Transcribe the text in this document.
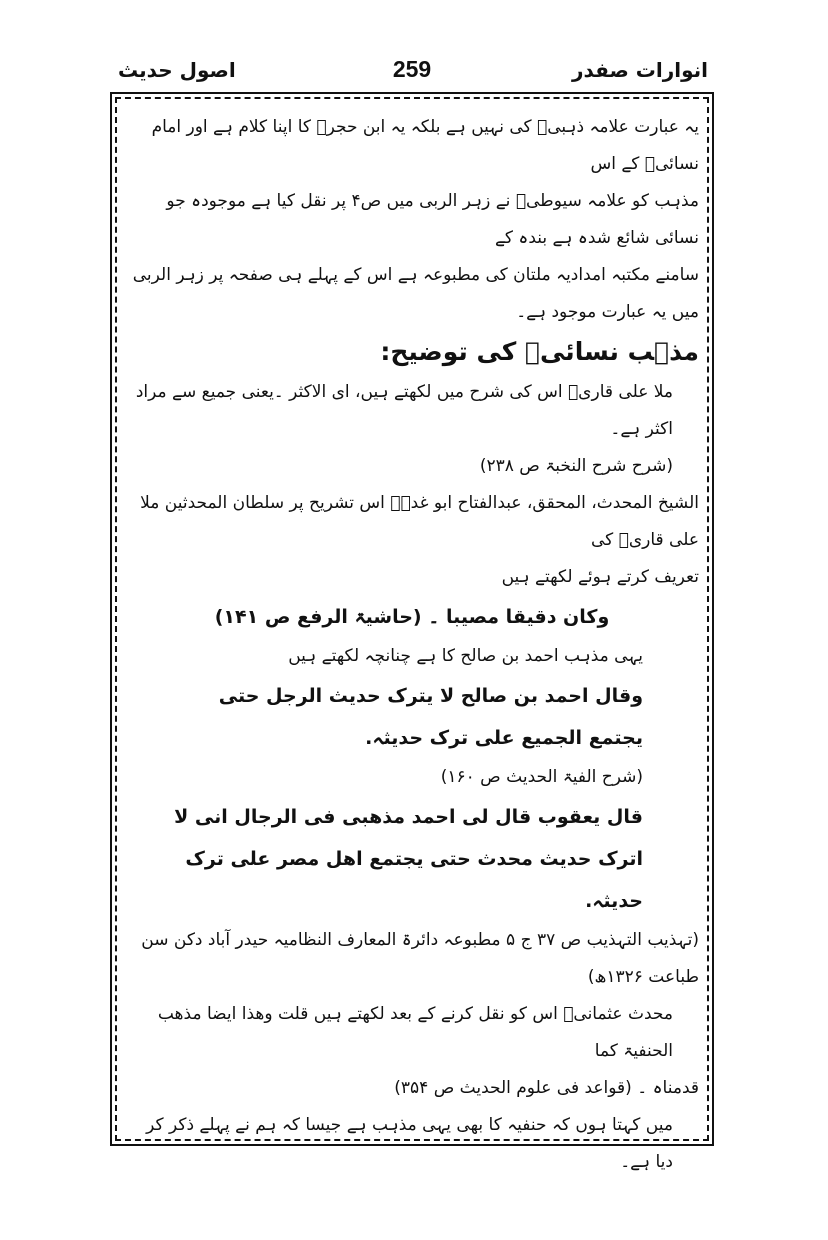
اصول حدیث	259	انوارات صفدر

یہ عبارت علامہ ذہبیؒ کی نہیں ہے بلکہ یہ ابن حجرؒ کا اپنا کلام ہے اور امام نسائیؒ کے اس

مذہب کو علامہ سیوطیؒ نے زہر الربی میں ص۴ پر نقل کیا ہے موجودہ جو نسائی شائع شدہ ہے بندہ کے

سامنے مکتبہ امدادیہ ملتان کی مطبوعہ ہے اس کے پہلے ہی صفحہ پر زہر الربی میں یہ عبارت موجود ہے۔

مذہب نسائیؒ کی توضیح:

ملا علی قاریؒ اس کی شرح میں لکھتے ہیں، ای الاکثر ۔یعنی جمیع سے مراد اکثر ہے۔

(شرح شرح النخبۃ ص ۲۳۸)

الشیخ المحدث، المحقق، عبدالفتاح ابو غدہؒ اس تشریح پر سلطان المحدثین ملا علی قاریؒ کی

تعریف کرتے ہوئے لکھتے ہیں

وکان دقیقا مصیبا ۔ (حاشیۃ الرفع ص ۱۴۱)

یہی مذہب احمد بن صالح کا ہے چنانچہ لکھتے ہیں

وقال احمد بن صالح لا یترک حدیث الرجل حتی

یجتمع الجمیع علی ترک حدیثہ.

(شرح الفیۃ الحدیث ص ۱۶۰)

قال یعقوب قال لی احمد مذھبی فی الرجال انی لا

اترک حدیث محدث حتی یجتمع اھل مصر علی ترک

حدیثہ.

(تہذیب التہذیب ص ۳۷ ج ۵ مطبوعہ دائرۃ المعارف النظامیہ حیدر آباد دکن سن

طباعت ۱۳۲۶ھ)

محدث عثمانیؒ اس کو نقل کرنے کے بعد لکھتے ہیں قلت وھذا ایضا مذھب الحنفیۃ کما

قدمناہ ۔ (قواعد فی علوم الحدیث ص ۳۵۴)

میں کہتا ہوں کہ حنفیہ کا بھی یہی مذہب ہے جیسا کہ ہم نے پہلے ذکر کر دیا ہے۔
